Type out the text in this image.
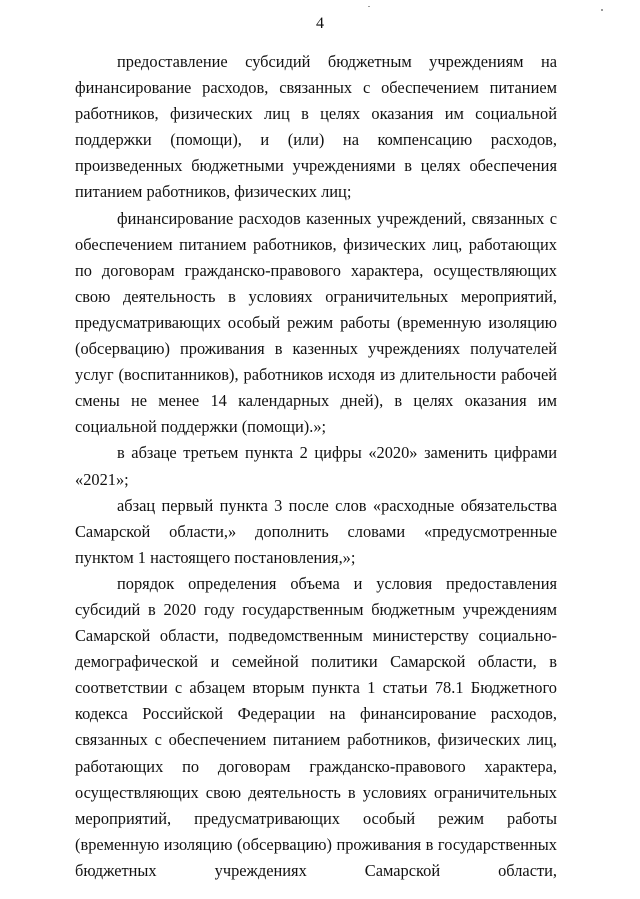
4

предоставление субсидий бюджетным учреждениям на финансирование расходов, связанных с обеспечением питанием работников, физических лиц в целях оказания им социальной поддержки (помощи), и (или) на компенсацию расходов, произведенных бюджетными учреждениями в целях обеспечения питанием работников, физических лиц;

финансирование расходов казенных учреждений, связанных с обеспечением питанием работников, физических лиц, работающих по договорам гражданско-правового характера, осуществляющих свою деятельность в условиях ограничительных мероприятий, предусматривающих особый режим работы (временную изоляцию (обсервацию) проживания в казенных учреждениях получателей услуг (воспитанников), работников исходя из длительности рабочей смены не менее 14 календарных дней), в целях оказания им социальной поддержки (помощи).»;

в абзаце третьем пункта 2 цифры «2020» заменить цифрами «2021»;

абзац первый пункта 3 после слов «расходные обязательства Самарской области,» дополнить словами «предусмотренные пунктом 1 настоящего постановления,»;

порядок определения объема и условия предоставления субсидий в 2020 году государственным бюджетным учреждениям Самарской области, подведомственным министерству социально-демографической и семейной политики Самарской области, в соответствии с абзацем вторым пункта 1 статьи 78.1 Бюджетного кодекса Российской Федерации на финансирование расходов, связанных с обеспечением питанием работников, физических лиц, работающих по договорам гражданско-правового характера, осуществляющих свою деятельность в условиях ограничительных мероприятий, предусматривающих особый режим работы (временную изоляцию (обсервацию) проживания в государственных бюджетных учреждениях Самарской области,
